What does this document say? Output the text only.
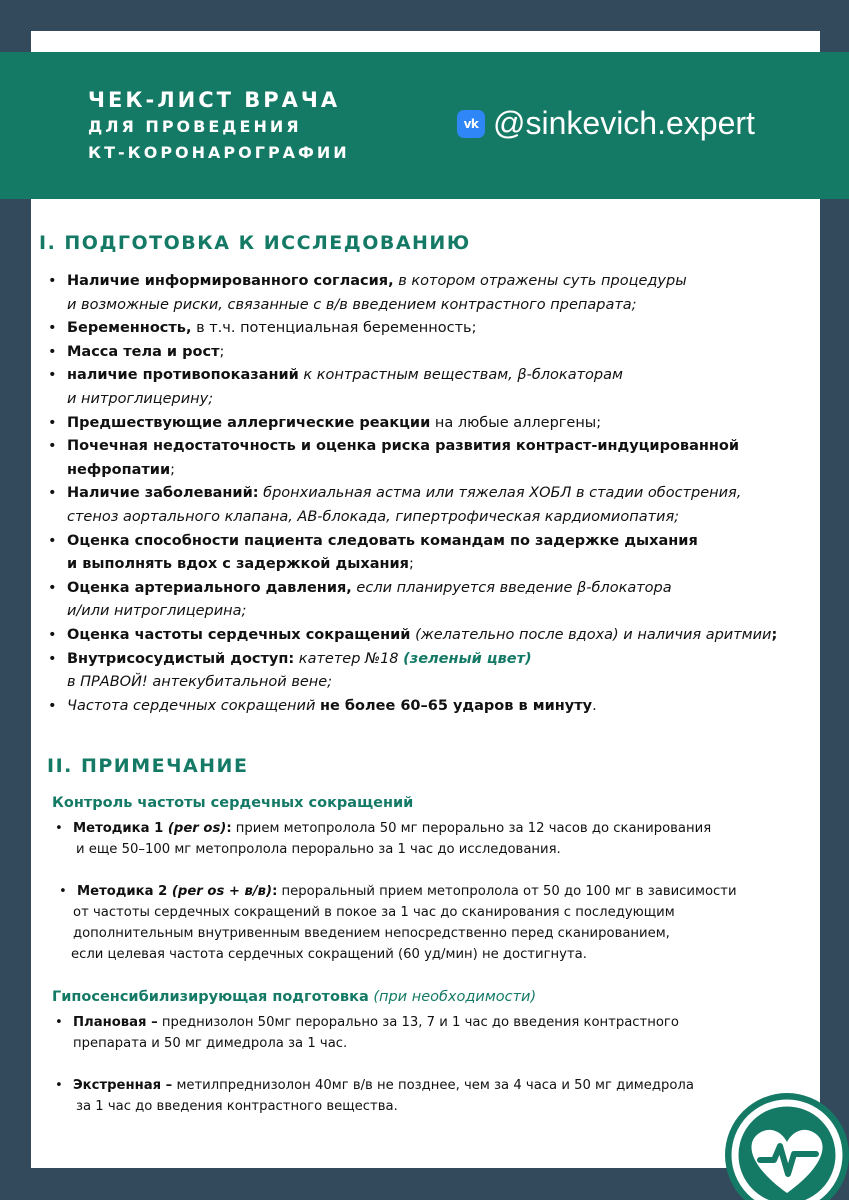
ЧЕК-ЛИСТ ВРАЧА
ДЛЯ ПРОВЕДЕНИЯ
КТ-КОРОНАРОГРАФИИ
vk @sinkevich.expert
I. ПОДГОТОВКА К ИССЛЕДОВАНИЮ
• Наличие информированного согласия, в котором отражены суть процедуры
и возможные риски, связанные с в/в введением контрастного препарата;
• Беременность, в т.ч. потенциальная беременность;
• Масса тела и рост;
• наличие противопоказаний к контрастным веществам, β-блокаторам
и нитроглицерину;
• Предшествующие аллергические реакции на любые аллергены;
• Почечная недостаточность и оценка риска развития контраст-индуцированной
нефропатии;
• Наличие заболеваний: бронхиальная астма или тяжелая ХОБЛ в стадии обострения,
стеноз аортального клапана, АВ-блокада, гипертрофическая кардиомиопатия;
• Оценка способности пациента следовать командам по задержке дыхания
и выполнять вдох с задержкой дыхания;
• Оценка артериального давления, если планируется введение β-блокатора
и/или нитроглицерина;
• Оценка частоты сердечных сокращений (желательно после вдоха) и наличия аритмии;
• Внутрисосудистый доступ: катетер №18 (зеленый цвет)
в ПРАВОЙ! антекубитальной вене;
• Частота сердечных сокращений не более 60–65 ударов в минуту.
II. ПРИМЕЧАНИЕ
Контроль частоты сердечных сокращений
• Методика 1 (per os): прием метопролола 50 мг перорально за 12 часов до сканирования
и еще 50–100 мг метопролола перорально за 1 час до исследования.
• Методика 2 (per os + в/в): пероральный прием метопролола от 50 до 100 мг в зависимости
от частоты сердечных сокращений в покое за 1 час до сканирования с последующим
дополнительным внутривенным введением непосредственно перед сканированием,
если целевая частота сердечных сокращений (60 уд/мин) не достигнута.
Гипосенсибилизирующая подготовка (при необходимости)
• Плановая – преднизолон 50мг перорально за 13, 7 и 1 час до введения контрастного
препарата и 50 мг димедрола за 1 час.
• Экстренная – метилпреднизолон 40мг в/в не позднее, чем за 4 часа и 50 мг димедрола
за 1 час до введения контрастного вещества.
